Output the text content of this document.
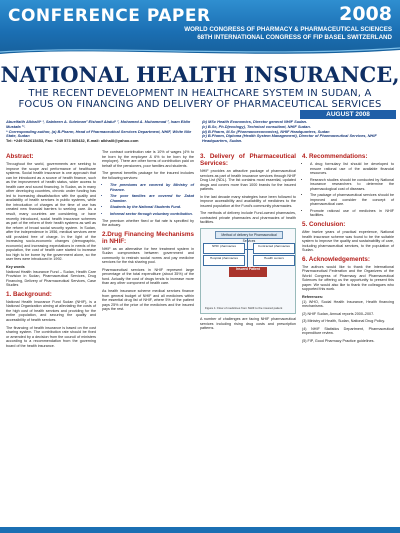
CONFERENCE PAPER	2008
WORLD CONGRESS OF PHARMACY & PHARMACEUTICAL SCIENCES
68TH INTERNATIONAL CONGRESS OF FIP BASEL SWITZERLAND
NATIONAL HEALTH INSURANCE,
THE RECENT DEVELOPMENT IN HEALTHCARE SYSTEM IN SUDAN, A FOCUS ON FINANCING AND DELIVERY OF PHARMACEUTICAL SERVICES
AUGUST 2008
Abuelfatih Alkhalil* ¹, Salaheen A. Suleiman² Elsharif Abdul¹ ², Mohamed A. Muhammad ², Isam Eldin Mustafa ²¹.
* Corresponding author, (a) B.Pharm, Head of Pharmaceutical Services Department, NHIF, White Nile State, Sudan
Tel: +249 912615453, Fax: +249 573 865432, E-mail: alkhalil@yahoo.com
(b) MSc Health Economics, Director general NHIF Sudan.
(c) B.Sc, Ph.D(ecology), Technical consultant, NHIF Sudan.
(d) B.Pharm, M.Sc (Pharmacoeconomics), NHIF Headquarters, Sudan
(e) B.Pharm, Diploma (Health System Management), Director of Pharmaceutical Services, NHIF Headquarters, Sudan.
Abstract:

Throughout the world, governments are seeking to improve the scope and performance of healthcare systems. Social health insurance is one approach that can be introduced as a source of health finance, such as the improvement of health status, wider access to health care and sound financing. In Sudan, as in many other developing countries, chronic under funding has led to increasing dissatisfaction with the quality and availability of health services in public systems, while the introduction of charges at the time of use has created new financial barriers to seeking care. As a result, many countries are considering, or have recently introduced, social health insurance schemes as part of the reform of their health systems as well as the reform of broad social security system. In Sudan, after the independence in 1956, medical services were still provided free of charge. In the light of the increasing socio-economic changes (demographic, economic) and increasing expectations in needs of the population, the cost of health care started to increase too high to be borne by the government alone, so the user fees were introduced in 1992.

Key words

National Health Insurance Fund – Sudan, Health Care Provision in Sudan, Pharmaceutical Services, Drug Financing, Delivery of Pharmaceutical Services, Case Studies

1. Background:

National Health Insurance Fund Sudan (NHIF), is a National Organization aiming at alleviating the costs of the high cost of health services and providing for the entire population, and securing the quality and accessibility of health services.

The financing of health insurance is based on the cost sharing system. The contribution rate should be fixed or amended by a decision from the council of ministers according to a recommendation from the governing board of the health insurance.

The contract contribution rate is 10% of wages (4% to be born by the employee & 6% to be born by the employer). There are other forms of contribution paid on behalf of the pensioners, poor families and students.

The general benefits package for the insured includes the following services:

• The premiums are covered by Ministry of Finance.
• The poor families are covered for Zakat Chamber.
• Students by the National Students Fund.
• Informal sector through voluntary contribution.

The premium whether fixed or flat rate is specified by the actuary.

2.Drug Financing Mechanisms in NHIF:

NHIF as an alternative for free treatment system in Sudan compromises between government and community to restrain social norms and pay medicine services for the risk sharing pool.

Pharmaceutical services in NHIF represent large percentage of the total expenditure (about 35%) of the fund. Actually the cost of drugs tends to increase more than any other component of health care.

As health insurance scheme medical services finance from general budget of NHIF and all medicines within the essential drug list of NHIF, where 5% of the patient pays 25% of the price of the medicines and the insured pays the rest.

3. Delivery of Pharmaceutical Services:

NHIF provides an attractive package of pharmaceutical services as part of health insurance services through NHIF Drug List (NDL). The list contains most essential, updated drugs and covers more than 1000 brands for the insured patients.

In the last decade many strategies have been followed to improve accessibility and availability of medicines to the insured population at the Fund's community pharmacies.

The methods of delivery include Fund-owned pharmacies, contracted private pharmacies and pharmacies of health facilities.

Method of delivery for Pharmaceutical Services
NHIF pharmacies	Contracted pharmacies
Hospital pharmacies	Health centers
Insured Patient
Figure 1: Flow of medicines from NHIF to the insured patient

A number of challenges are facing NHIF pharmaceutical services including rising drug costs and prescription patterns.

4. Recommendations:
• A drug formulary list should be developed to ensure rational use of the available financial resources.
• Research studies should be conducted by National insurance researchers to determine the pharmacological cost of diseases.
• The package of pharmaceutical services should be improved and consider the concept of pharmaceutical care.
• Promote rational use of medicines in NHIF facilities.
5. Conclusion:

After twelve years of practical experience, National health insurance scheme was found to be the suitable system to improve the quality and sustainability of care, including pharmaceutical services, to the population of Sudan.

6. Acknowledgements:

The authors would like to thank the International Pharmaceutical Federation and the Organizers of the World Congress of Pharmacy and Pharmaceutical Sciences for offering us the opportunity to present this paper. We would also like to thank the colleagues who supported this work.

References:

(1) WHO, Social Health Insurance, Health financing mechanisms.

(2) NHIF Sudan, Annual reports 2000–2007.

(3) Ministry of Health, Sudan, National Drug Policy.

(4) NHIF Statistics Department, Pharmaceutical expenditure review.

(5) FIP, Good Pharmacy Practice guidelines.
